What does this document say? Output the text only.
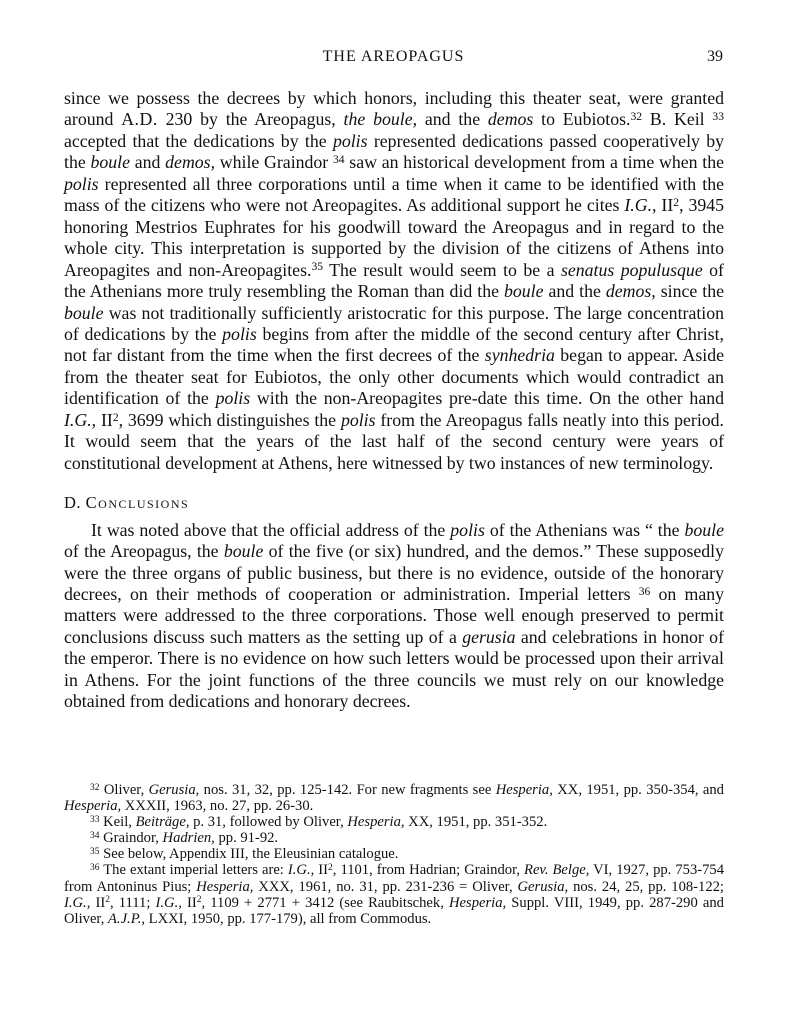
THE AREOPAGUS	39

since we possess the decrees by which honors, including this theater seat, were granted around A.D. 230 by the Areopagus, the boule, and the demos to Eubiotos.$^{32}$ B. Keil $^{33}$ accepted that the dedications by the polis represented dedications passed cooperatively by the boule and demos, while Graindor $^{34}$ saw an historical development from a time when the polis represented all three corporations until a time when it came to be identified with the mass of the citizens who were not Areopagites. As additional support he cites I.G., $II^2$, 3945 honoring Mestrios Euphrates for his goodwill toward the Areopagus and in regard to the whole city. This interpretation is supported by the division of the citizens of Athens into Areopagites and non-Areopagites.$^{35}$ The result would seem to be a senatus populusque of the Athenians more truly resembling the Roman than did the boule and the demos, since the boule was not traditionally sufficiently aristocratic for this purpose. The large concentration of dedications by the polis begins from after the middle of the second century after Christ, not far distant from the time when the first decrees of the synhedria began to appear. Aside from the theater seat for Eubiotos, the only other documents which would contradict an identification of the polis with the non-Areopagites pre-date this time. On the other hand I.G., $II^2$, 3699 which distinguishes the polis from the Areopagus falls neatly into this period. It would seem that the years of the last half of the second century were years of constitutional development at Athens, here witnessed by two instances of new terminology.

D. Conclusions

It was noted above that the official address of the polis of the Athenians was “ the boule of the Areopagus, the boule of the five (or six) hundred, and the demos.” These supposedly were the three organs of public business, but there is no evidence, outside of the honorary decrees, on their methods of cooperation or administration. Imperial letters $^{36}$ on many matters were addressed to the three corporations. Those well enough preserved to permit conclusions discuss such matters as the setting up of a gerusia and celebrations in honor of the emperor. There is no evidence on how such letters would be processed upon their arrival in Athens. For the joint functions of the three councils we must rely on our knowledge obtained from dedications and honorary decrees.

$^{32}$ Oliver, Gerusia, nos. 31, 32, pp. 125-142. For new fragments see Hesperia, XX, 1951, pp. 350-354, and Hesperia, XXXII, 1963, no. 27, pp. 26-30.

$^{33}$ Keil, Beiträge, p. 31, followed by Oliver, Hesperia, XX, 1951, pp. 351-352.

$^{34}$ Graindor, Hadrien, pp. 91-92.

$^{35}$ See below, Appendix III, the Eleusinian catalogue.

$^{36}$ The extant imperial letters are: I.G., $II^2$, 1101, from Hadrian; Graindor, Rev. Belge, VI, 1927, pp. 753-754 from Antoninus Pius; Hesperia, XXX, 1961, no. 31, pp. 231-236 = Oliver, Gerusia, nos. 24, 25, pp. 108-122; I.G., $II^2$, 1111; I.G., $II^2$, 1109 + 2771 + 3412 (see Raubitschek, Hesperia, Suppl. VIII, 1949, pp. 287-290 and Oliver, A.J.P., LXXI, 1950, pp. 177-179), all from Commodus.
